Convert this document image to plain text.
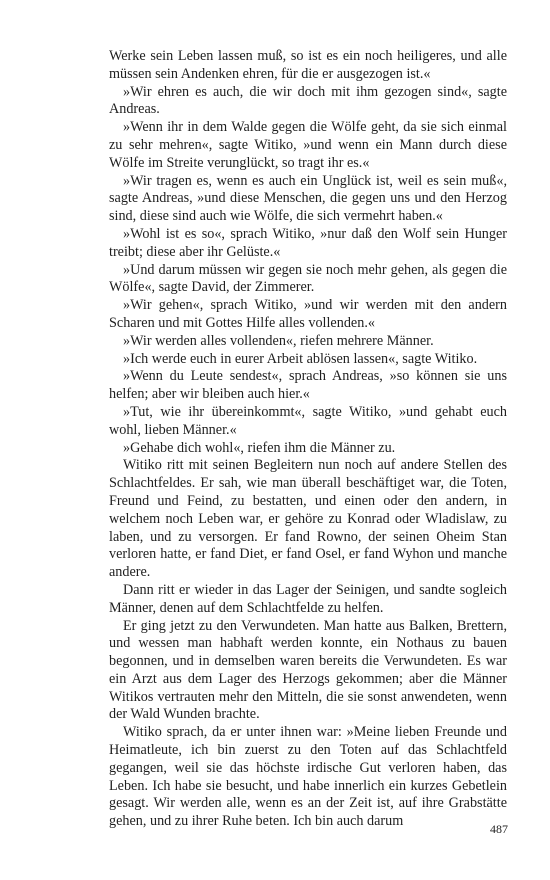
Werke sein Leben lassen muß, so ist es ein noch heiligeres, und alle müssen sein Andenken ehren, für die er ausgezogen ist.«

»Wir ehren es auch, die wir doch mit ihm gezogen sind«, sagte Andreas.

»Wenn ihr in dem Walde gegen die Wölfe geht, da sie sich einmal zu sehr mehren«, sagte Witiko, »und wenn ein Mann durch diese Wölfe im Streite verunglückt, so tragt ihr es.«

»Wir tragen es, wenn es auch ein Unglück ist, weil es sein muß«, sagte Andreas, »und diese Menschen, die gegen uns und den Herzog sind, diese sind auch wie Wölfe, die sich vermehrt haben.«

»Wohl ist es so«, sprach Witiko, »nur daß den Wolf sein Hunger treibt; diese aber ihr Gelüste.«

»Und darum müssen wir gegen sie noch mehr gehen, als gegen die Wölfe«, sagte David, der Zimmerer.

»Wir gehen«, sprach Witiko, »und wir werden mit den andern Scharen und mit Gottes Hilfe alles vollenden.«

»Wir werden alles vollenden«, riefen mehrere Männer.

»Ich werde euch in eurer Arbeit ablösen lassen«, sagte Witiko.

»Wenn du Leute sendest«, sprach Andreas, »so können sie uns helfen; aber wir bleiben auch hier.«

»Tut, wie ihr übereinkommt«, sagte Witiko, »und gehabt euch wohl, lieben Männer.«

»Gehabe dich wohl«, riefen ihm die Männer zu.

Witiko ritt mit seinen Begleitern nun noch auf andere Stellen des Schlachtfeldes. Er sah, wie man überall beschäftiget war, die Toten, Freund und Feind, zu bestatten, und einen oder den andern, in welchem noch Leben war, er gehöre zu Konrad oder Wladislaw, zu laben, und zu versorgen. Er fand Rowno, der seinen Oheim Stan verloren hatte, er fand Diet, er fand Osel, er fand Wyhon und manche andere.

Dann ritt er wieder in das Lager der Seinigen, und sandte sogleich Männer, denen auf dem Schlachtfelde zu helfen.

Er ging jetzt zu den Verwundeten. Man hatte aus Balken, Brettern, und wessen man habhaft werden konnte, ein Nothaus zu bauen begonnen, und in demselben waren bereits die Verwundeten. Es war ein Arzt aus dem Lager des Herzogs gekommen; aber die Männer Witikos vertrauten mehr den Mitteln, die sie sonst anwendeten, wenn der Wald Wunden brachte.

Witiko sprach, da er unter ihnen war: »Meine lieben Freunde und Heimatleute, ich bin zuerst zu den Toten auf das Schlachtfeld gegangen, weil sie das höchste irdische Gut verloren haben, das Leben. Ich habe sie besucht, und habe innerlich ein kurzes Gebetlein gesagt. Wir werden alle, wenn es an der Zeit ist, auf ihre Grabstätte gehen, und zu ihrer Ruhe beten. Ich bin auch darum	487
